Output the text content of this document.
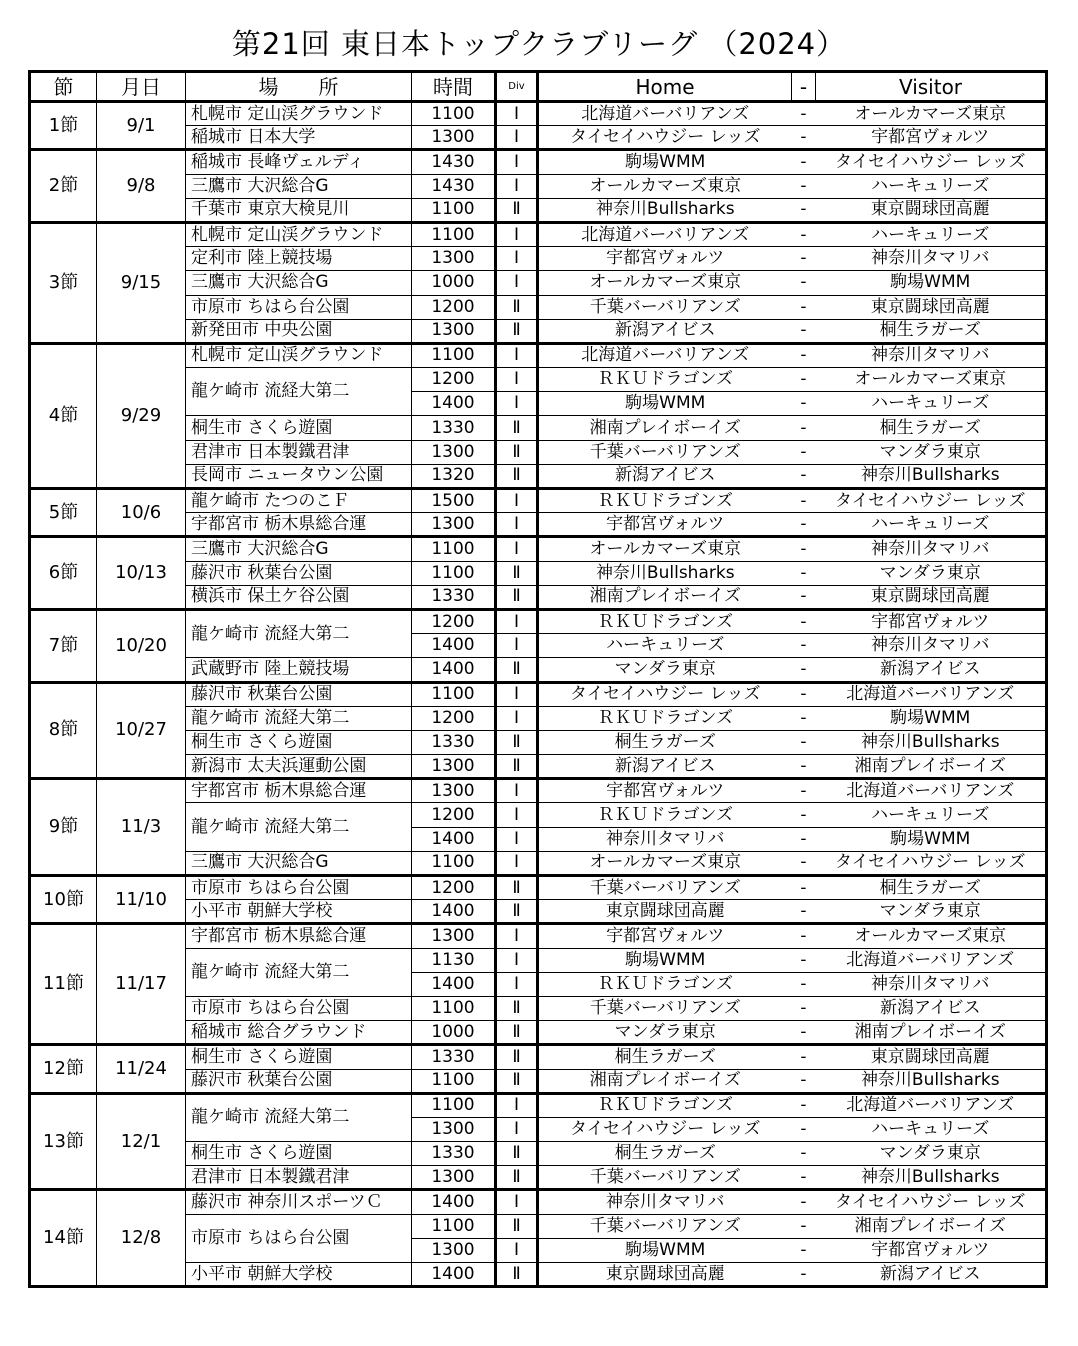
第21回 東日本トップクラブリーグ （2024）
節	月日	場　　所	時間	Div	Home	-	Visitor
1節	9/1	札幌市 定山渓グラウンド	1100	Ⅰ	北海道バーバリアンズ	-	オールカマーズ東京
		稲城市 日本大学	1300	Ⅰ	タイセイハウジー レッズ	-	宇都宮ヴォルツ
2節	9/8	稲城市 長峰ヴェルディ	1430	Ⅰ	駒場WMM	-	タイセイハウジー レッズ
		三鷹市 大沢総合G	1430	Ⅰ	オールカマーズ東京	-	ハーキュリーズ
		千葉市 東京大検見川	1100	Ⅱ	神奈川Bullsharks	-	東京闘球団高麗
3節	9/15	札幌市 定山渓グラウンド	1100	Ⅰ	北海道バーバリアンズ	-	ハーキュリーズ
		定利市 陸上競技場	1300	Ⅰ	宇都宮ヴォルツ	-	神奈川タマリバ
		三鷹市 大沢総合G	1000	Ⅰ	オールカマーズ東京	-	駒場WMM
		市原市 ちはら台公園	1200	Ⅱ	千葉バーバリアンズ	-	東京闘球団高麗
		新発田市 中央公園	1300	Ⅱ	新潟アイビス	-	桐生ラガーズ
4節	9/29	札幌市 定山渓グラウンド	1100	Ⅰ	北海道バーバリアンズ	-	神奈川タマリバ
		龍ケ崎市 流経大第二	1200	Ⅰ	ＲＫＵドラゴンズ	-	オールカマーズ東京
			1400	Ⅰ	駒場WMM	-	ハーキュリーズ
		桐生市 さくら遊園	1330	Ⅱ	湘南プレイボーイズ	-	桐生ラガーズ
		君津市 日本製鐵君津	1300	Ⅱ	千葉バーバリアンズ	-	マンダラ東京
		長岡市 ニュータウン公園	1320	Ⅱ	新潟アイビス	-	神奈川Bullsharks
5節	10/6	龍ケ崎市 たつのこＦ	1500	Ⅰ	ＲＫＵドラゴンズ	-	タイセイハウジー レッズ
		宇都宮市 栃木県総合運	1300	Ⅰ	宇都宮ヴォルツ	-	ハーキュリーズ
6節	10/13	三鷹市 大沢総合G	1100	Ⅰ	オールカマーズ東京	-	神奈川タマリバ
		藤沢市 秋葉台公園	1100	Ⅱ	神奈川Bullsharks	-	マンダラ東京
		横浜市 保土ケ谷公園	1330	Ⅱ	湘南プレイボーイズ	-	東京闘球団高麗
7節	10/20	龍ケ崎市 流経大第二	1200	Ⅰ	ＲＫＵドラゴンズ	-	宇都宮ヴォルツ
			1400	Ⅰ	ハーキュリーズ	-	神奈川タマリバ
		武蔵野市 陸上競技場	1400	Ⅱ	マンダラ東京	-	新潟アイビス
8節	10/27	藤沢市 秋葉台公園	1100	Ⅰ	タイセイハウジー レッズ	-	北海道バーバリアンズ
		龍ケ崎市 流経大第二	1200	Ⅰ	ＲＫＵドラゴンズ	-	駒場WMM
		桐生市 さくら遊園	1330	Ⅱ	桐生ラガーズ	-	神奈川Bullsharks
		新潟市 太夫浜運動公園	1300	Ⅱ	新潟アイビス	-	湘南プレイボーイズ
9節	11/3	宇都宮市 栃木県総合運	1300	Ⅰ	宇都宮ヴォルツ	-	北海道バーバリアンズ
		龍ケ崎市 流経大第二	1200	Ⅰ	ＲＫＵドラゴンズ	-	ハーキュリーズ
			1400	Ⅰ	神奈川タマリバ	-	駒場WMM
		三鷹市 大沢総合G	1100	Ⅰ	オールカマーズ東京	-	タイセイハウジー レッズ
10節	11/10	市原市 ちはら台公園	1200	Ⅱ	千葉バーバリアンズ	-	桐生ラガーズ
		小平市 朝鮮大学校	1400	Ⅱ	東京闘球団高麗	-	マンダラ東京
11節	11/17	宇都宮市 栃木県総合運	1300	Ⅰ	宇都宮ヴォルツ	-	オールカマーズ東京
		龍ケ崎市 流経大第二	1130	Ⅰ	駒場WMM	-	北海道バーバリアンズ
			1400	Ⅰ	ＲＫＵドラゴンズ	-	神奈川タマリバ
		市原市 ちはら台公園	1100	Ⅱ	千葉バーバリアンズ	-	新潟アイビス
		稲城市 総合グラウンド	1000	Ⅱ	マンダラ東京	-	湘南プレイボーイズ
12節	11/24	桐生市 さくら遊園	1330	Ⅱ	桐生ラガーズ	-	東京闘球団高麗
		藤沢市 秋葉台公園	1100	Ⅱ	湘南プレイボーイズ	-	神奈川Bullsharks
13節	12/1	龍ケ崎市 流経大第二	1100	Ⅰ	ＲＫＵドラゴンズ	-	北海道バーバリアンズ
			1300	Ⅰ	タイセイハウジー レッズ	-	ハーキュリーズ
		桐生市 さくら遊園	1330	Ⅱ	桐生ラガーズ	-	マンダラ東京
		君津市 日本製鐵君津	1300	Ⅱ	千葉バーバリアンズ	-	神奈川Bullsharks
14節	12/8	藤沢市 神奈川スポーツＣ	1400	Ⅰ	神奈川タマリバ	-	タイセイハウジー レッズ
		市原市 ちはら台公園	1100	Ⅱ	千葉バーバリアンズ	-	湘南プレイボーイズ
			1300	Ⅰ	駒場WMM	-	宇都宮ヴォルツ
		小平市 朝鮮大学校	1400	Ⅱ	東京闘球団高麗	-	新潟アイビス
